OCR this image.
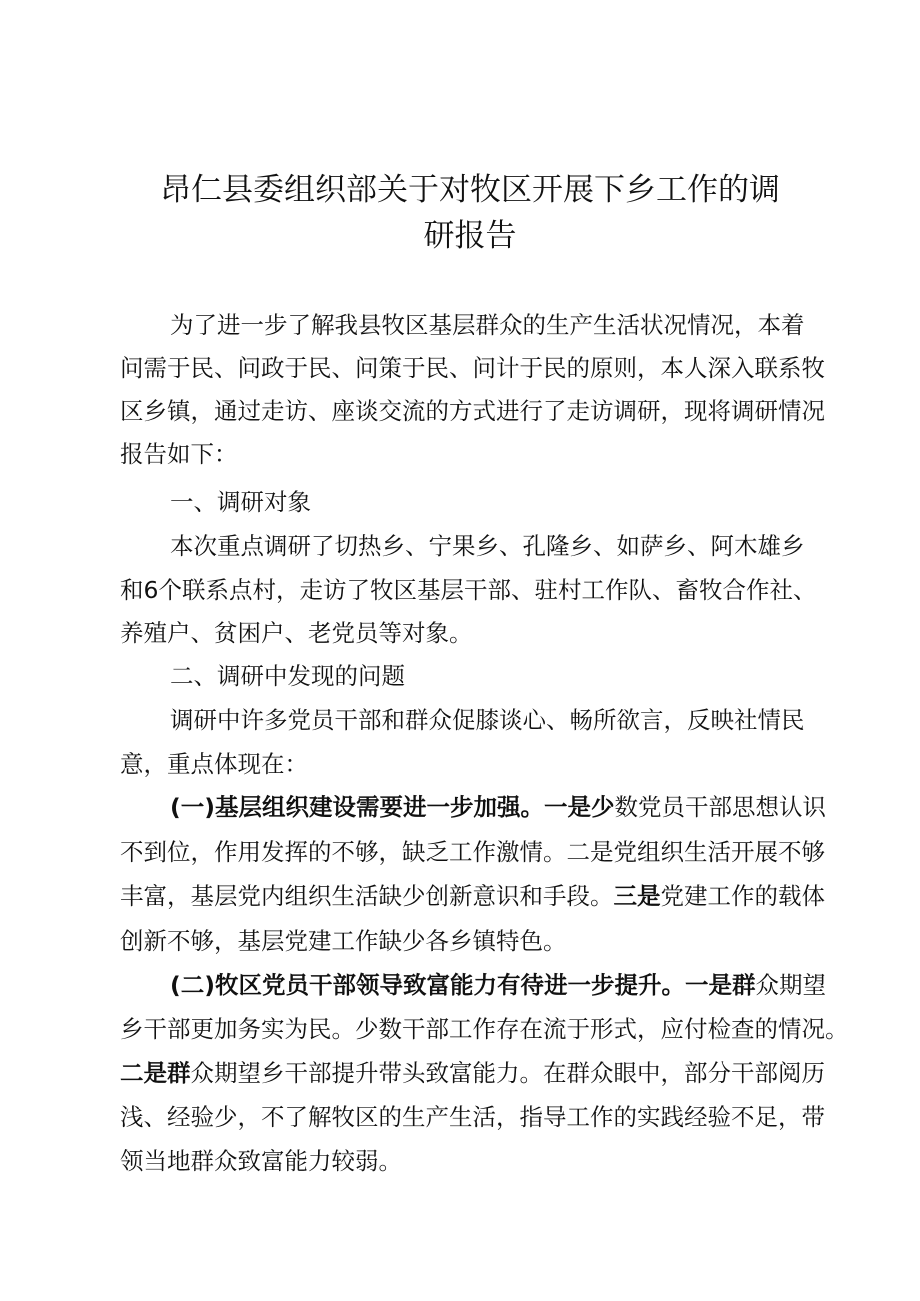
昂仁县委组织部关于对牧区开展下乡工作的调
研报告

为了进一步了解我县牧区基层群众的生产生活状况情况，本着

问需于民、问政于民、问策于民、问计于民的原则，本人深入联系牧

区乡镇，通过走访、座谈交流的方式进行了走访调研，现将调研情况

报告如下：

一、调研对象

本次重点调研了切热乡、宁果乡、孔隆乡、如萨乡、阿木雄乡

和6个联系点村，走访了牧区基层干部、驻村工作队、畜牧合作社、

养殖户、贫困户、老党员等对象。

二、调研中发现的问题

调研中许多党员干部和群众促膝谈心、畅所欲言，反映社情民

意，重点体现在：

(一)基层组织建设需要进一步加强。一是少数党员干部思想认识

不到位，作用发挥的不够，缺乏工作激情。二是党组织生活开展不够

丰富，基层党内组织生活缺少创新意识和手段。三是党建工作的载体

创新不够，基层党建工作缺少各乡镇特色。

(二)牧区党员干部领导致富能力有待进一步提升。一是群众期望

乡干部更加务实为民。少数干部工作存在流于形式，应付检查的情况。

二是群众期望乡干部提升带头致富能力。在群众眼中，部分干部阅历

浅、经验少，不了解牧区的生产生活，指导工作的实践经验不足，带

领当地群众致富能力较弱。
